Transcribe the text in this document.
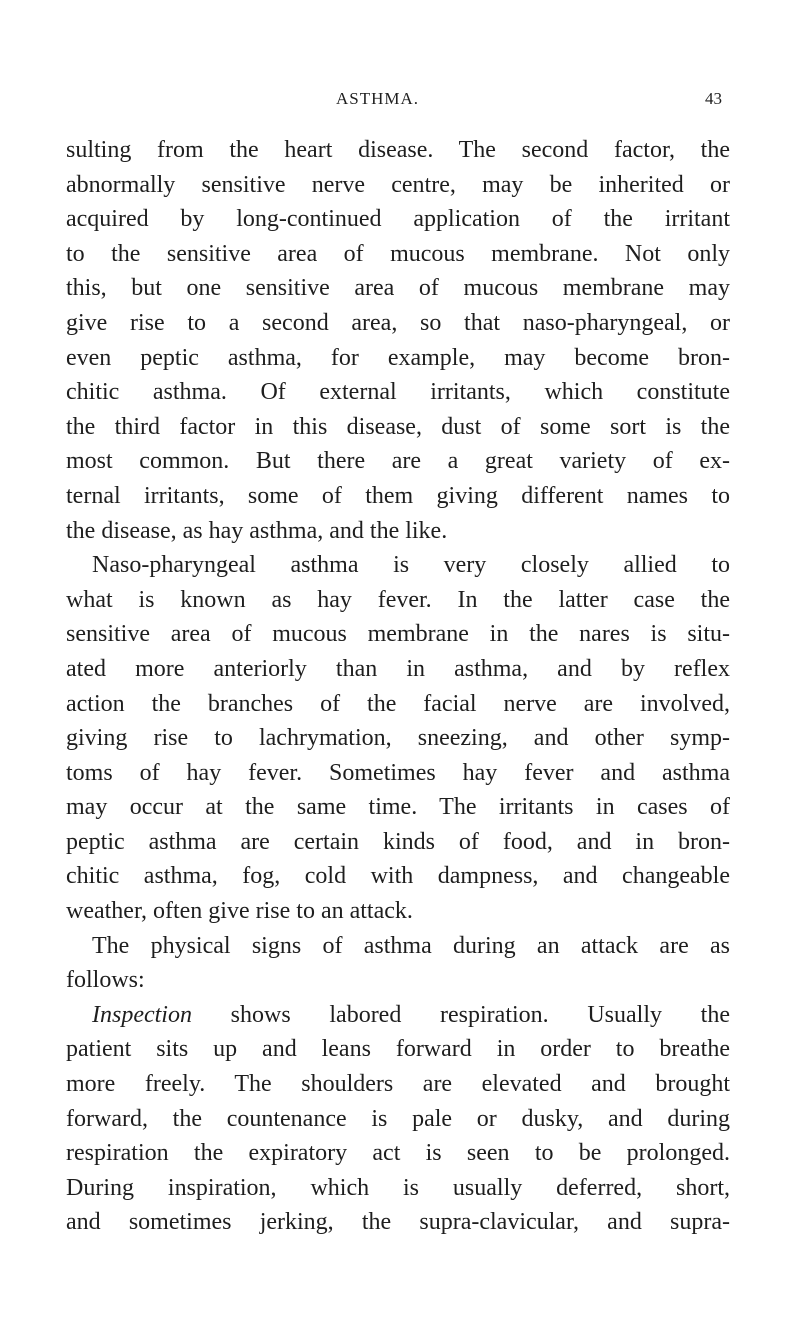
ASTHMA.	43
sulting from the heart disease. The second factor, the
abnormally sensitive nerve centre, may be inherited or
acquired by long-continued application of the irritant
to the sensitive area of mucous membrane. Not only
this, but one sensitive area of mucous membrane may
give rise to a second area, so that naso-pharyngeal, or
even peptic asthma, for example, may become bron-
chitic asthma. Of external irritants, which constitute
the third factor in this disease, dust of some sort is the
most common. But there are a great variety of ex-
ternal irritants, some of them giving different names to
the disease, as hay asthma, and the like.
Naso-pharyngeal asthma is very closely allied to
what is known as hay fever. In the latter case the
sensitive area of mucous membrane in the nares is situ-
ated more anteriorly than in asthma, and by reflex
action the branches of the facial nerve are involved,
giving rise to lachrymation, sneezing, and other symp-
toms of hay fever. Sometimes hay fever and asthma
may occur at the same time. The irritants in cases of
peptic asthma are certain kinds of food, and in bron-
chitic asthma, fog, cold with dampness, and changeable
weather, often give rise to an attack.
The physical signs of asthma during an attack are as
follows:
Inspection shows labored respiration. Usually the
patient sits up and leans forward in order to breathe
more freely. The shoulders are elevated and brought
forward, the countenance is pale or dusky, and during
respiration the expiratory act is seen to be prolonged.
During inspiration, which is usually deferred, short,
and sometimes jerking, the supra-clavicular, and supra-
